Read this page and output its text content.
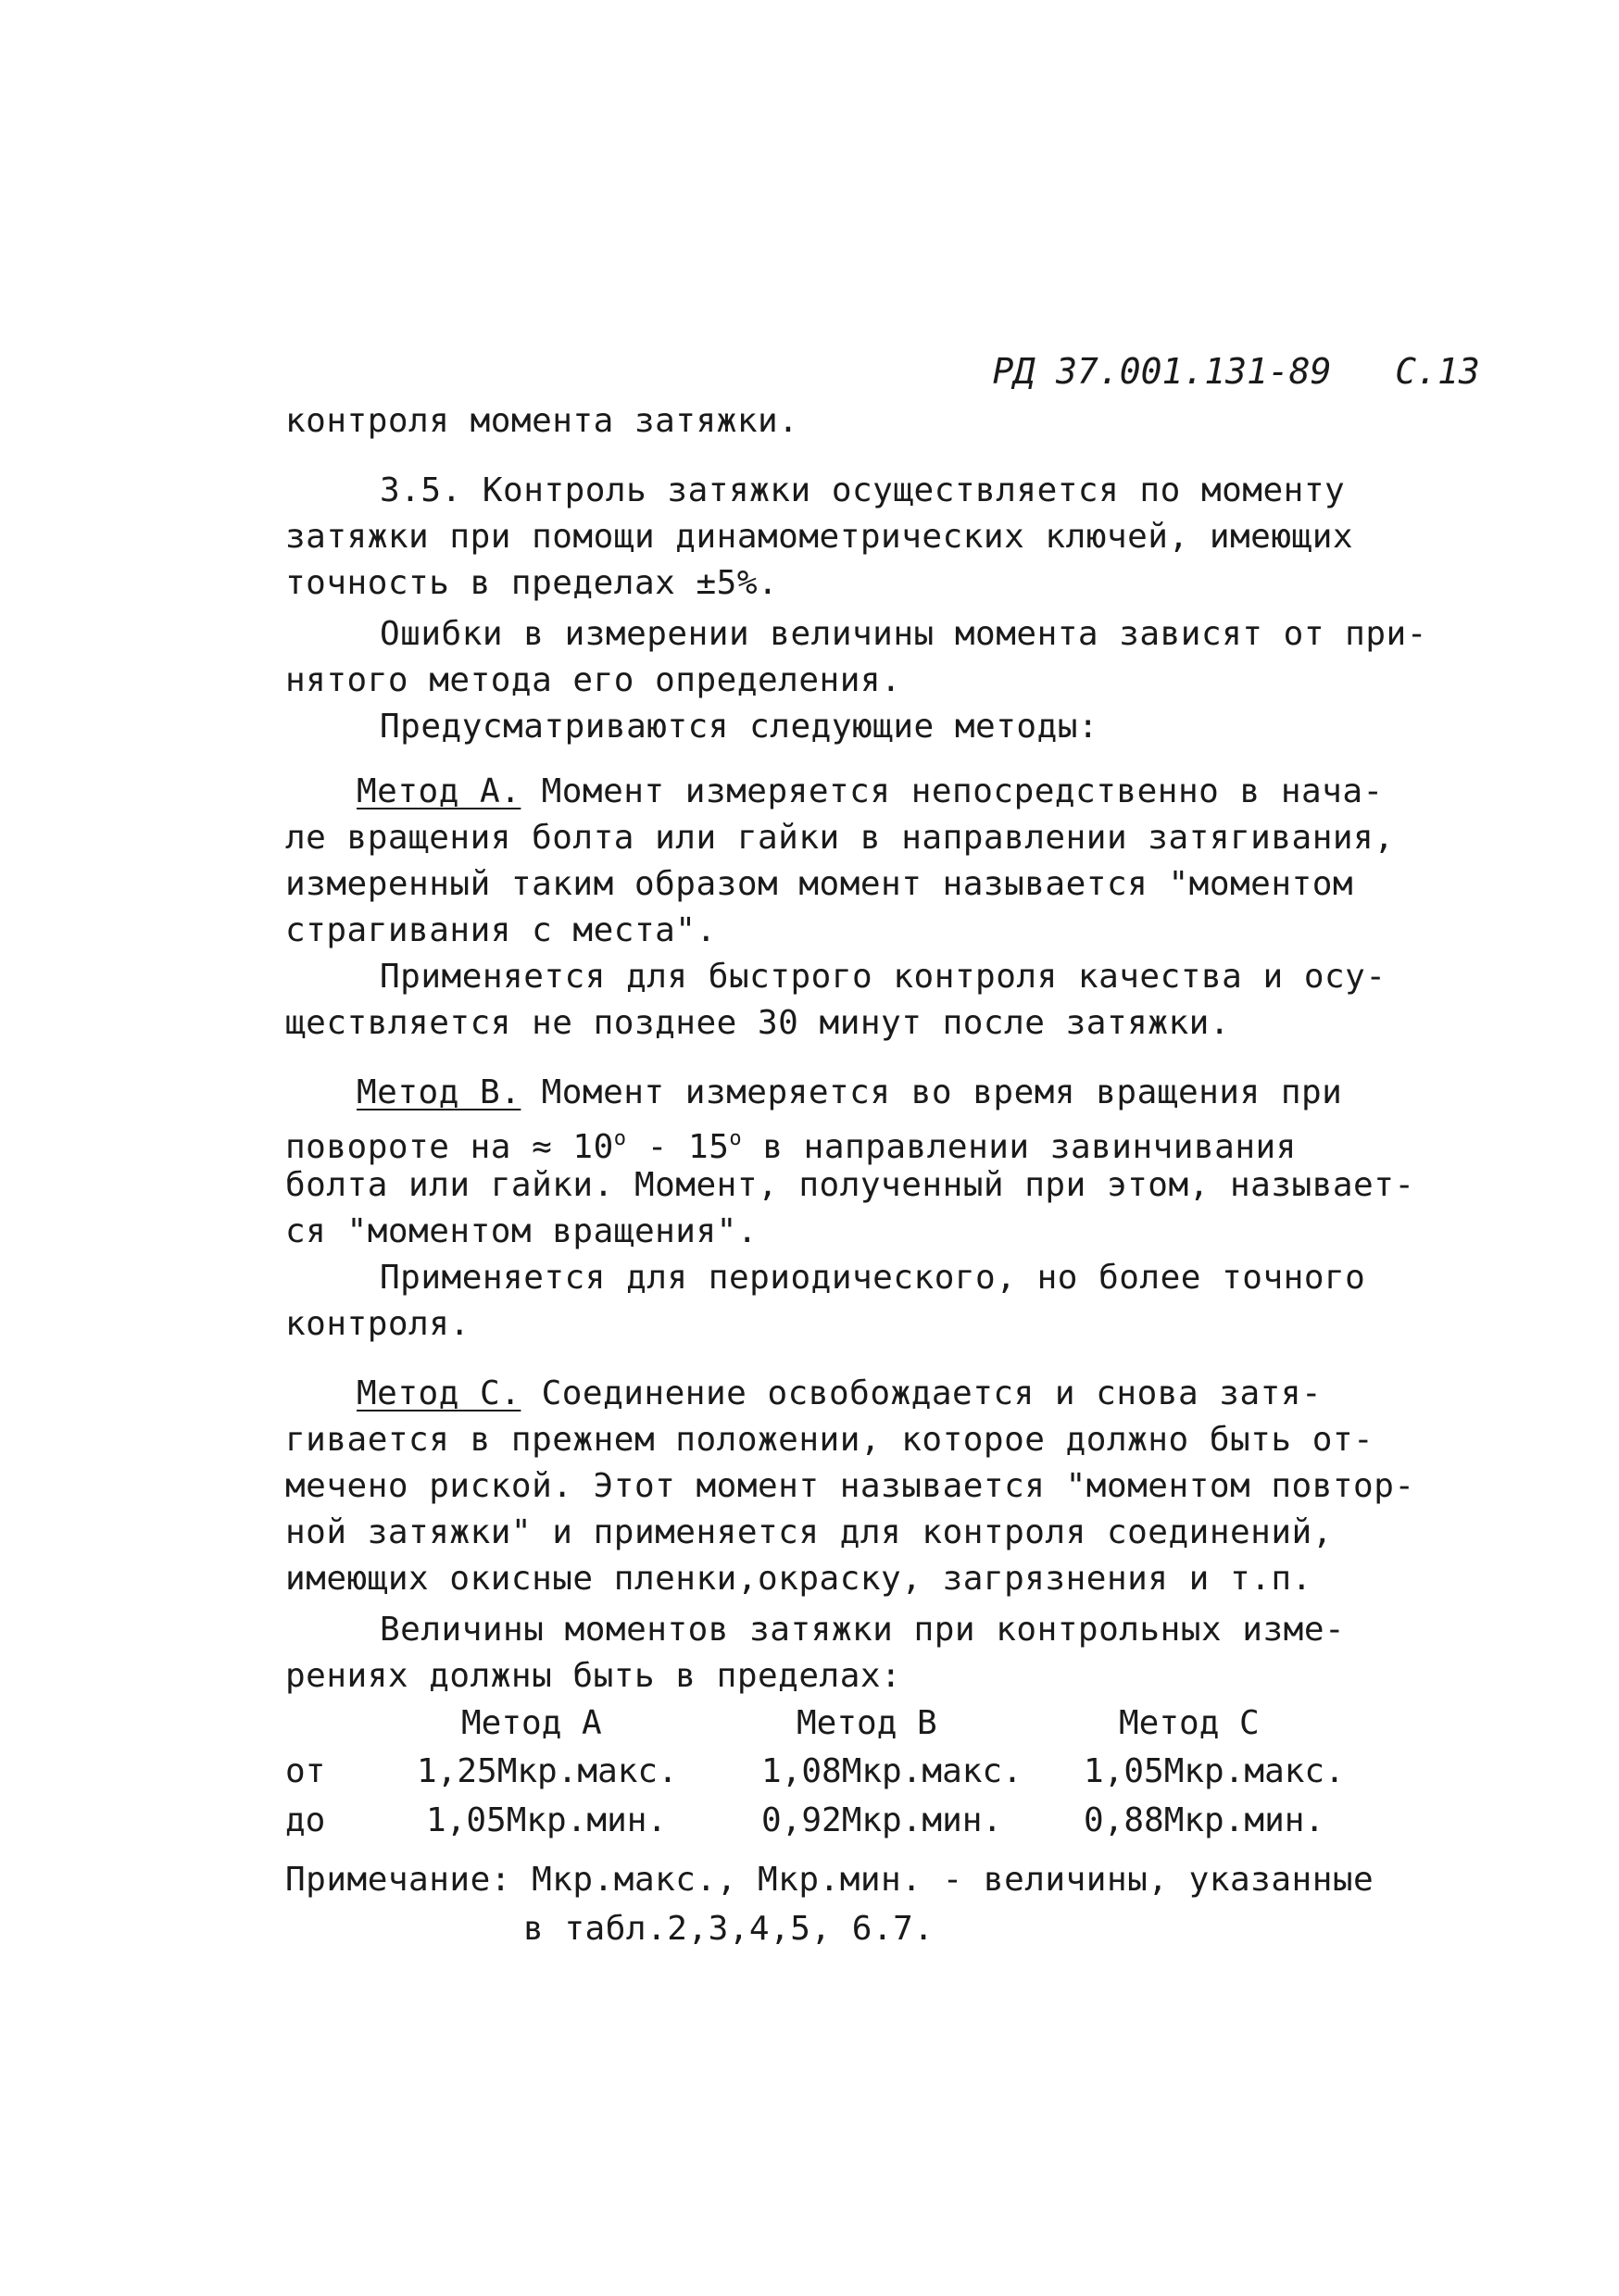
РД 37.001.131-89 С.13

контроля момента затяжки.
3.5. Контроль затяжки осуществляется по моменту
затяжки при помощи динамометрических ключей, имеющих
точность в пределах ±5%.
Ошибки в измерении величины момента зависят от при-
нятого метода его определения.
Предусматриваются следующие методы:
Метод А. Момент измеряется непосредственно в нача-
ле вращения болта или гайки в направлении затягивания,
измеренный таким образом момент называется "моментом
страгивания с места".
Применяется для быстрого контроля качества и осу-
ществляется не позднее 30 минут после затяжки.
Метод В. Момент измеряется во время вращения при
повороте на ≈ $10^о - 15^о$ в направлении завинчивания
болта или гайки. Момент, полученный при этом, называет-
ся "моментом вращения".
Применяется для периодического, но более точного
контроля.
Метод С. Соединение освобождается и снова затя-
гивается в прежнем положении, которое должно быть от-
мечено риской. Этот момент называется "моментом повтор-
ной затяжки" и применяется для контроля соединений,
имеющих окисные пленки,окраску, загрязнения и т.п.
Величины моментов затяжки при контрольных изме-
рениях должны быть в пределах:
Метод А	Метод В	Метод С
от	1,25Мкр.макс.	1,08Мкр.макс. 1,05Мкр.макс.
до	1,05Мкр.мин.	0,92Мкр.мин. 0,88Мкр.мин.
Примечание: Мкр.макс., Мкр.мин. - величины, указанные
в табл.2,3,4,5, 6.7.
